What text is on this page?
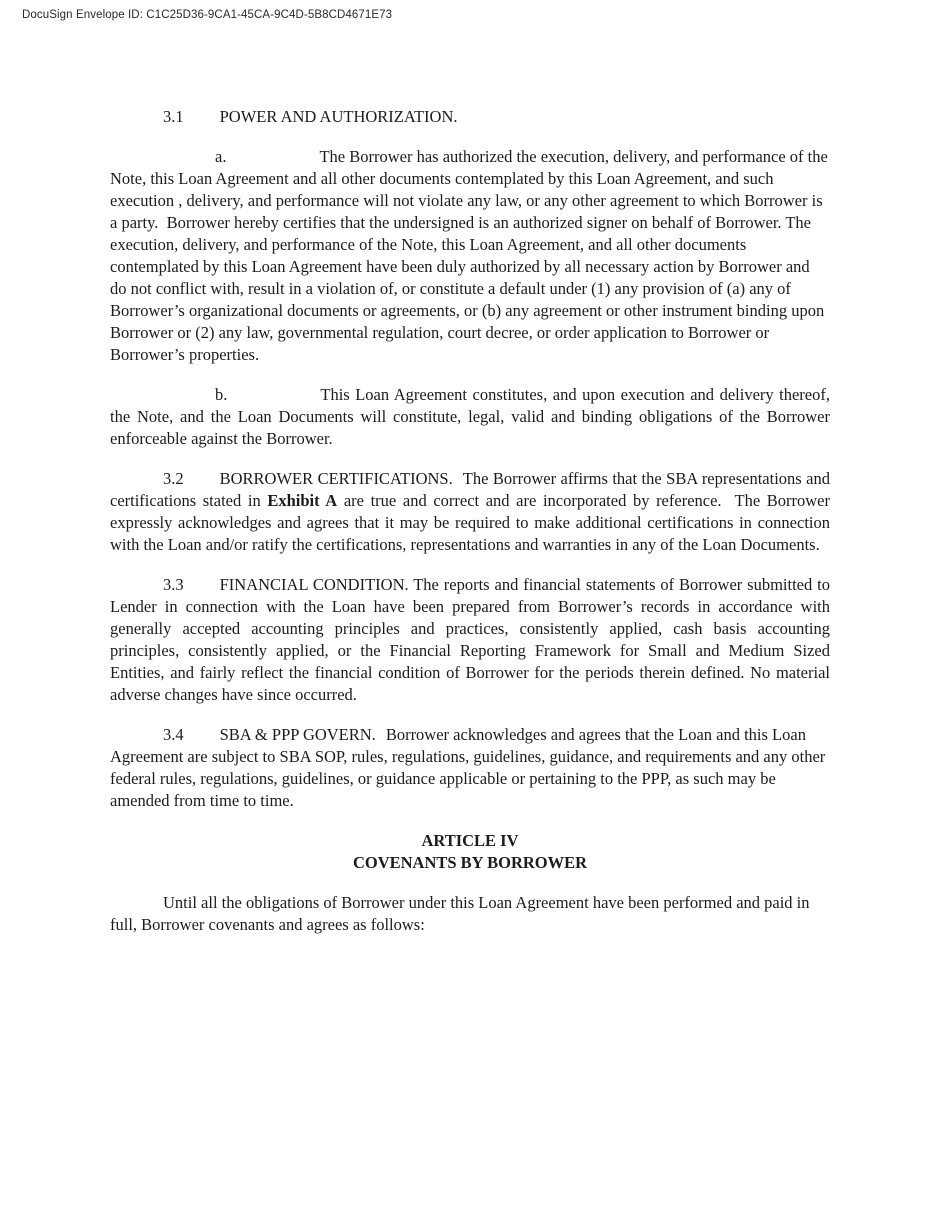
DocuSign Envelope ID: C1C25D36-9CA1-45CA-9C4D-5B8CD4671E73

3.1 POWER AND AUTHORIZATION.

a.	The Borrower has authorized the execution, delivery, and performance of the Note, this Loan Agreement and all other documents contemplated by this Loan Agreement, and such execution , delivery, and performance will not violate any law, or any other agreement to which Borrower is a party.  Borrower hereby certifies that the undersigned is an authorized signer on behalf of Borrower. The execution, delivery, and performance of the Note, this Loan Agreement, and all other documents contemplated by this Loan Agreement have been duly authorized by all necessary action by Borrower and do not conflict with, result in a violation of, or constitute a default under (1) any provision of (a) any of Borrower’s organizational documents or agreements, or (b) any agreement or other instrument binding upon Borrower or (2) any law, governmental regulation, court decree, or order application to Borrower or Borrower’s properties.

b.	This Loan Agreement constitutes, and upon execution and delivery thereof, the Note, and the Loan Documents will constitute, legal, valid and binding obligations of the Borrower enforceable against the Borrower.

3.2 BORROWER CERTIFICATIONS. The Borrower affirms that the SBA representations and certifications stated in Exhibit A are true and correct and are incorporated by reference.  The Borrower expressly acknowledges and agrees that it may be required to make additional certifications in connection with the Loan and/or ratify the certifications, representations and warranties in any of the Loan Documents.

3.3 FINANCIAL CONDITION. The reports and financial statements of Borrower submitted to Lender in connection with the Loan have been prepared from Borrower’s records in accordance with generally accepted accounting principles and practices, consistently applied, cash basis accounting principles, consistently applied, or the Financial Reporting Framework for Small and Medium Sized Entities, and fairly reflect the financial condition of Borrower for the periods therein defined. No material adverse changes have since occurred.

3.4 SBA & PPP GOVERN. Borrower acknowledges and agrees that the Loan and this Loan Agreement are subject to SBA SOP, rules, regulations, guidelines, guidance, and requirements and any other federal rules, regulations, guidelines, or guidance applicable or pertaining to the PPP, as such may be amended from time to time.

ARTICLE IV
COVENANTS BY BORROWER

Until all the obligations of Borrower under this Loan Agreement have been performed and paid in full, Borrower covenants and agrees as follows:
